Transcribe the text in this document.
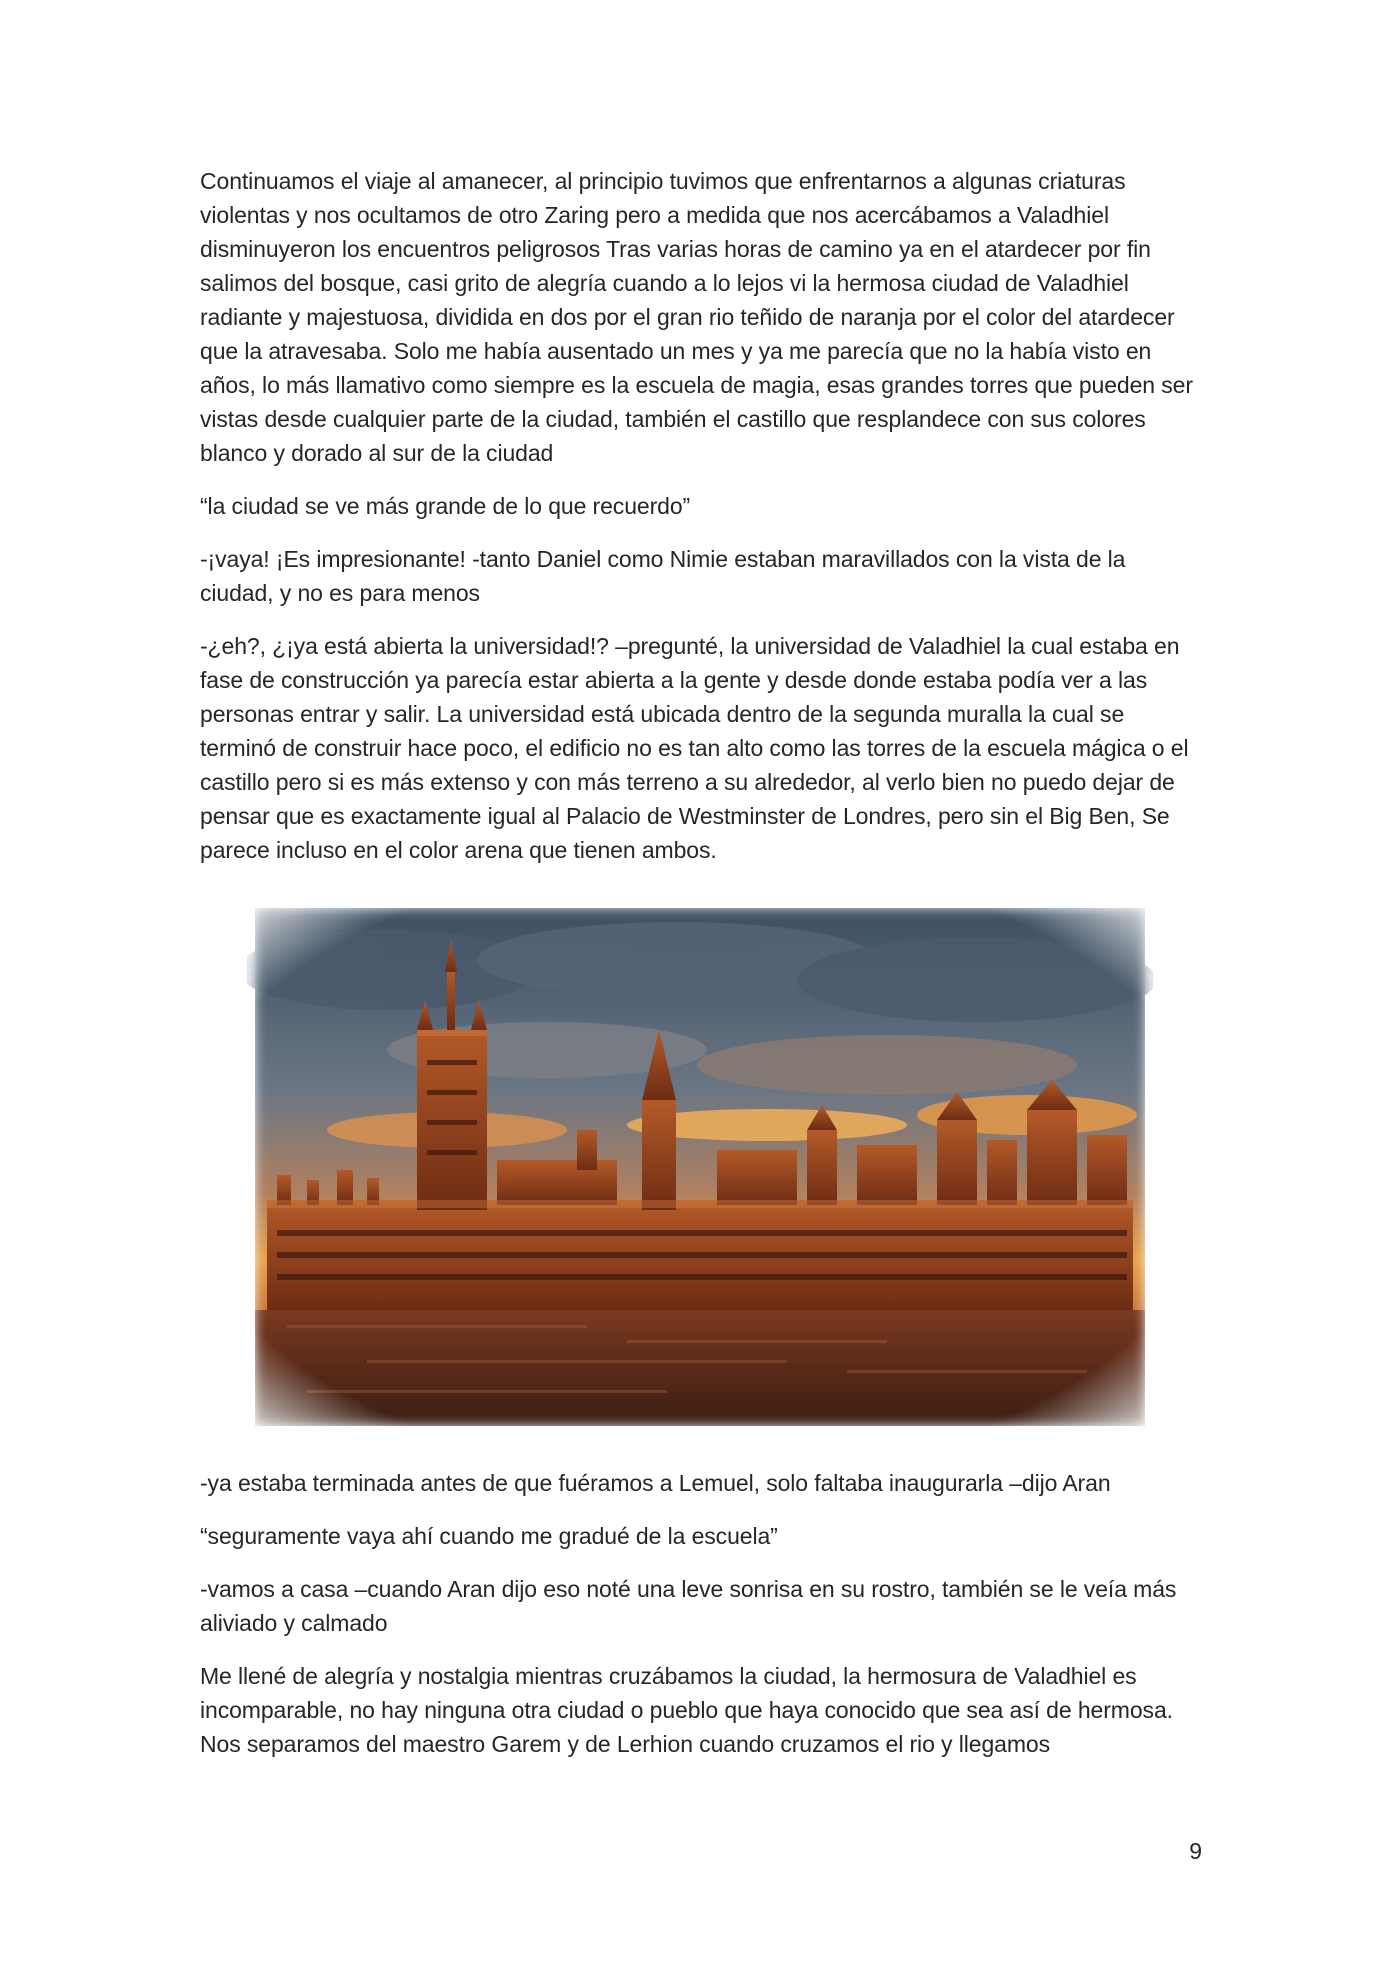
Continuamos el viaje al amanecer, al principio tuvimos que enfrentarnos a algunas criaturas violentas y nos ocultamos de otro Zaring pero a medida que nos acercábamos a Valadhiel disminuyeron los encuentros peligrosos Tras varias horas de camino ya en el atardecer por fin salimos del bosque, casi grito de alegría cuando a lo lejos vi la hermosa ciudad de Valadhiel radiante y majestuosa, dividida en dos por el gran rio teñido de naranja por el color del atardecer que la atravesaba. Solo me había ausentado un mes y ya me parecía que no la había visto en años, lo más llamativo como siempre es la escuela de magia, esas grandes torres que pueden ser vistas desde cualquier parte de la ciudad, también el castillo que resplandece con sus colores blanco y dorado al sur de la ciudad

“la ciudad se ve más grande de lo que recuerdo”

-¡vaya! ¡Es impresionante! -tanto Daniel como Nimie estaban maravillados con la vista de la ciudad, y no es para menos

-¿eh?, ¿¡ya está abierta la universidad!? –pregunté, la universidad de Valadhiel la cual estaba en fase de construcción ya parecía estar abierta a la gente y desde donde estaba podía ver a las personas entrar y salir. La universidad está ubicada dentro de la segunda muralla la cual se terminó de construir hace poco, el edificio no es tan alto como las torres de la escuela mágica o el castillo pero si es más extenso y con más terreno a su alrededor, al verlo bien no puedo dejar de pensar que es exactamente igual al Palacio de Westminster de Londres, pero sin el Big Ben, Se parece incluso en el color arena que tienen ambos.

-ya estaba terminada antes de que fuéramos a Lemuel, solo faltaba inaugurarla –dijo Aran

“seguramente vaya ahí cuando me gradué de la escuela”

-vamos a casa –cuando Aran dijo eso noté una leve sonrisa en su rostro, también se le veía más aliviado y calmado

Me llené de alegría y nostalgia mientras cruzábamos la ciudad, la hermosura de Valadhiel es incomparable, no hay ninguna otra ciudad o pueblo que haya conocido que sea así de hermosa. Nos separamos del maestro Garem y de Lerhion cuando cruzamos el rio y llegamos

9
